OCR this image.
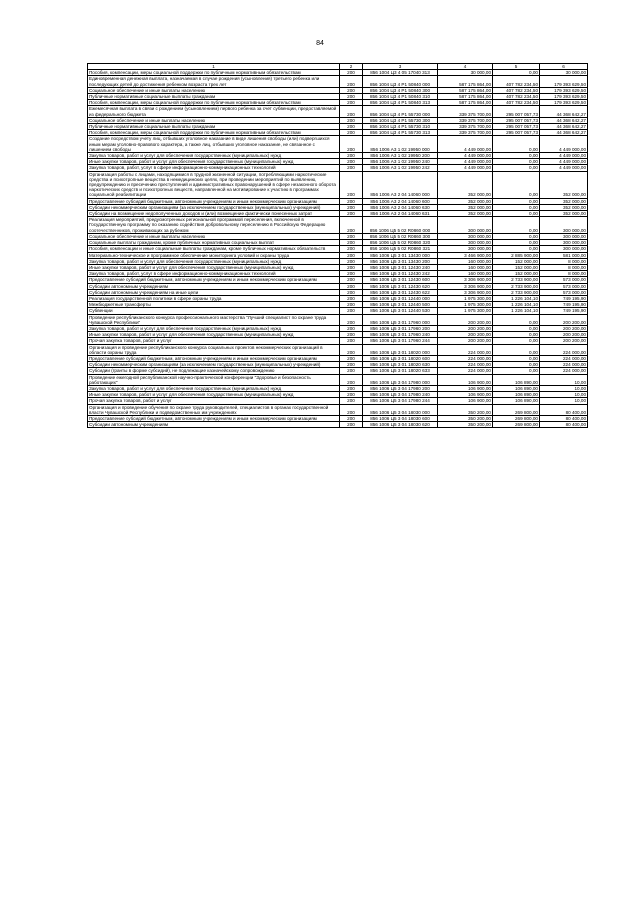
84
1	2	3	4	5	6
Пособия, компенсации, меры социальной поддержки по публичным нормативным обязательствам	200	856 1004 Ц3 4 05 17040 313	30 000,00	0,00	30 000,00
Единовременная денежная выплата, назначаемая в случае рождения (усыновления) третьего ребенка или последующих детей до достижения ребенком возраста трех лет	200	856 1004 Ц3 4 P1 50840 000	587 175 864,00	407 782 234,50	179 393 629,50
Социальное обеспечение и иные выплаты населению	200	856 1004 Ц3 4 P1 50840 300	587 175 864,00	407 782 234,50	179 393 629,50
Публичные нормативные социальные выплаты гражданам	200	856 1004 Ц3 4 P1 50840 310	587 175 864,00	407 782 234,50	179 393 629,50
Пособия, компенсации, меры социальной поддержки по публичным нормативным обязательствам	200	856 1004 Ц3 4 P1 50840 313	587 175 864,00	407 782 234,50	179 393 629,50
Ежемесячная выплата в связи с рождением (усыновлением) первого ребенка за счет субвенции, предоставляемой из федерального бюджета	200	856 1004 Ц3 4 P1 55730 000	339 375 700,00	295 007 057,73	44 368 642,27
Социальное обеспечение и иные выплаты населению	200	856 1004 Ц3 4 P1 55730 300	339 375 700,00	295 007 057,73	44 368 642,27
Публичные нормативные социальные выплаты гражданам	200	856 1004 Ц3 4 P1 55730 310	339 375 700,00	295 007 057,73	44 368 642,27
Пособия, компенсации, меры социальной поддержки по публичным нормативным обязательствам	200	856 1004 Ц3 4 P1 55730 313	339 375 700,00	295 007 057,73	44 368 642,27
Создание посредством учету лиц, отбывших уголовное наказание в виде лишения свободы (или) подвергшихся иным мерам уголовно-правового характера, а также лиц, отбывших уголовное наказание, не связанное с лишением свободы	200	856 1006 А3 1 02 19950 000	4 449 000,00	0,00	4 449 000,00
Закупка товаров, работ и услуг для обеспечения государственных (муниципальных) нужд	200	856 1006 А3 1 02 19950 200	4 449 000,00	0,00	4 449 000,00
Иные закупки товаров, работ и услуг для обеспечения государственных (муниципальных) нужд	200	856 1006 А3 1 02 19950 240	4 449 000,00	0,00	4 449 000,00
Закупка товаров, работ, услуг в сфере информационно-коммуникационных технологий	200	856 1006 А3 1 02 19950 242	4 449 000,00	0,00	4 449 000,00
Организация работы с лицами, находящимися в трудной жизненной ситуации, потребляющими наркотические средства и психотропные вещества в немедицинских целях, при проведении мероприятий по выявлению, предупреждению и пресечению преступлений и административных правонарушений в сфере незаконного оборота наркотических средств и психотропных веществ, направленной на мотивирование к участию в программах социальной реабилитации	200	856 1006 А3 2 04 14060 000	352 000,00	0,00	352 000,00
Предоставление субсидий бюджетным, автономным учреждениям и иным некоммерческим организациям	200	856 1006 А3 2 04 14060 600	352 000,00	0,00	352 000,00
Субсидии некоммерческим организациям (за исключением государственных (муниципальных) учреждений)	200	856 1006 А3 2 04 14060 630	352 000,00	0,00	352 000,00
Субсидии на возмещение недополученных доходов и (или) возмещение фактически понесенных затрат	200	856 1006 А3 2 04 14060 631	352 000,00	0,00	352 000,00
Реализация мероприятий, предусмотренных региональной программой переселения, включенной в Государственную программу по оказанию содействия добровольному переселению в Российскую Федерацию соотечественников, проживающих за рубежом	200	856 1006 Ц5 5 02 R0860 000	300 000,00	0,00	300 000,00
Социальное обеспечение и иные выплаты населению	200	856 1006 Ц5 5 02 R0860 300	300 000,00	0,00	300 000,00
Социальные выплаты гражданам, кроме публичных нормативных социальных выплат	200	856 1006 Ц5 5 02 R0860 320	300 000,00	0,00	300 000,00
Пособия, компенсации и иные социальные выплаты гражданам, кроме публичных нормативных обязательств	200	856 1006 Ц5 5 02 R0860 321	300 000,00	0,00	300 000,00
Материально-техническое и программное обеспечение мониторинга условий и охраны труда	200	856 1006 Ц5 3 01 13430 000	3 466 900,00	2 885 900,00	581 000,00
Закупка товаров, работ и услуг для обеспечения государственных (муниципальных) нужд	200	856 1006 Ц5 3 01 13430 200	160 000,00	152 000,00	8 000,00
Иные закупки товаров, работ и услуг для обеспечения государственных (муниципальных) нужд	200	856 1006 Ц5 3 01 12430 240	160 000,00	152 000,00	8 000,00
Закупка товаров, работ, услуг в сфере информационно-коммуникационных технологий	200	856 1006 Ц5 3 01 12430 242	160 000,00	152 000,00	8 000,00
Предоставление субсидий бюджетным, автономным учреждениям и иным некоммерческим организациям	200	856 1006 Ц5 3 01 12430 600	3 306 900,00	2 733 900,00	573 000,00
Субсидии автономным учреждениям	200	856 1006 Ц5 3 01 12430 620	3 306 900,00	2 733 900,00	573 000,00
Субсидии автономным учреждениям на иные цели	200	856 1006 Ц5 3 01 12430 622	3 306 900,00	2 733 900,00	573 000,00
Реализация государственной политики в сфере охраны труда	200	856 1006 Ц5 3 01 12440 000	1 975 300,00	1 226 104,10	749 195,90
Межбюджетные трансферты	200	856 1006 Ц5 3 01 12440 500	1 975 300,00	1 226 104,10	749 195,90
Субвенции	200	856 1006 Ц5 3 01 12440 530	1 975 300,00	1 226 104,10	749 195,90
Проведение республиканского конкурса профессионального мастерства "Лучший специалист по охране труда Чувашской Республики"	200	856 1006 Ц5 3 01 17960 000	200 200,00	0,00	200 200,00
Закупка товаров, работ и услуг для обеспечения государственных (муниципальных) нужд	200	856 1006 Ц5 3 01 17960 200	200 200,00	0,00	200 200,00
Иные закупки товаров, работ и услуг для обеспечения государственных (муниципальных) нужд	200	856 1006 Ц5 3 01 17960 240	200 200,00	0,00	200 200,00
Прочая закупка товаров, работ и услуг	200	856 1006 Ц5 3 01 17960 244	200 200,00	0,00	200 200,00
Организация и проведение республиканского конкурса социальных проектов некоммерческих организаций в области охраны труда	200	856 1006 Ц5 3 01 18020 000	224 000,00	0,00	224 000,00
Предоставление субсидий бюджетным, автономным учреждениям и иным некоммерческим организациям	200	856 1006 Ц5 3 01 18020 600	224 000,00	0,00	224 000,00
Субсидии некоммерческим организациям (за исключением государственных (муниципальных) учреждений)	200	856 1006 Ц5 3 01 18020 630	224 000,00	0,00	224 000,00
Субсидии (гранты в форме субсидий), не подлежащие казначейскому сопровождению	200	856 1006 Ц5 3 01 18020 633	224 000,00	0,00	224 000,00
Проведение ежегодной республиканской научно-практической конференции "Здоровье и безопасность работающих"	200	856 1006 Ц5 3 04 17980 000	106 900,00	106 890,00	10,00
Закупка товаров, работ и услуг для обеспечения государственных (муниципальных) нужд	200	856 1006 Ц5 3 04 17980 200	106 900,00	106 890,00	10,00
Иные закупки товаров, работ и услуг для обеспечения государственных (муниципальных) нужд	200	856 1006 Ц5 3 04 17980 240	106 900,00	106 890,00	10,00
Прочая закупка товаров, работ и услуг	200	856 1006 Ц5 3 04 17980 244	106 900,00	106 890,00	10,00
Организация и проведение обучения по охране труда руководителей, специалистов в органах государственной власти Чувашской Республики и подведомственных им учреждениях	200	856 1006 Ц5 3 04 18030 000	350 200,00	269 800,00	80 400,00
Предоставление субсидий бюджетным, автономным учреждениям и иным некоммерческим организациям	200	856 1006 Ц5 3 04 18030 600	350 200,00	269 800,00	80 400,00
Субсидии автономным учреждениям	200	856 1006 Ц5 3 04 18030 620	350 200,00	269 800,00	80 400,00
